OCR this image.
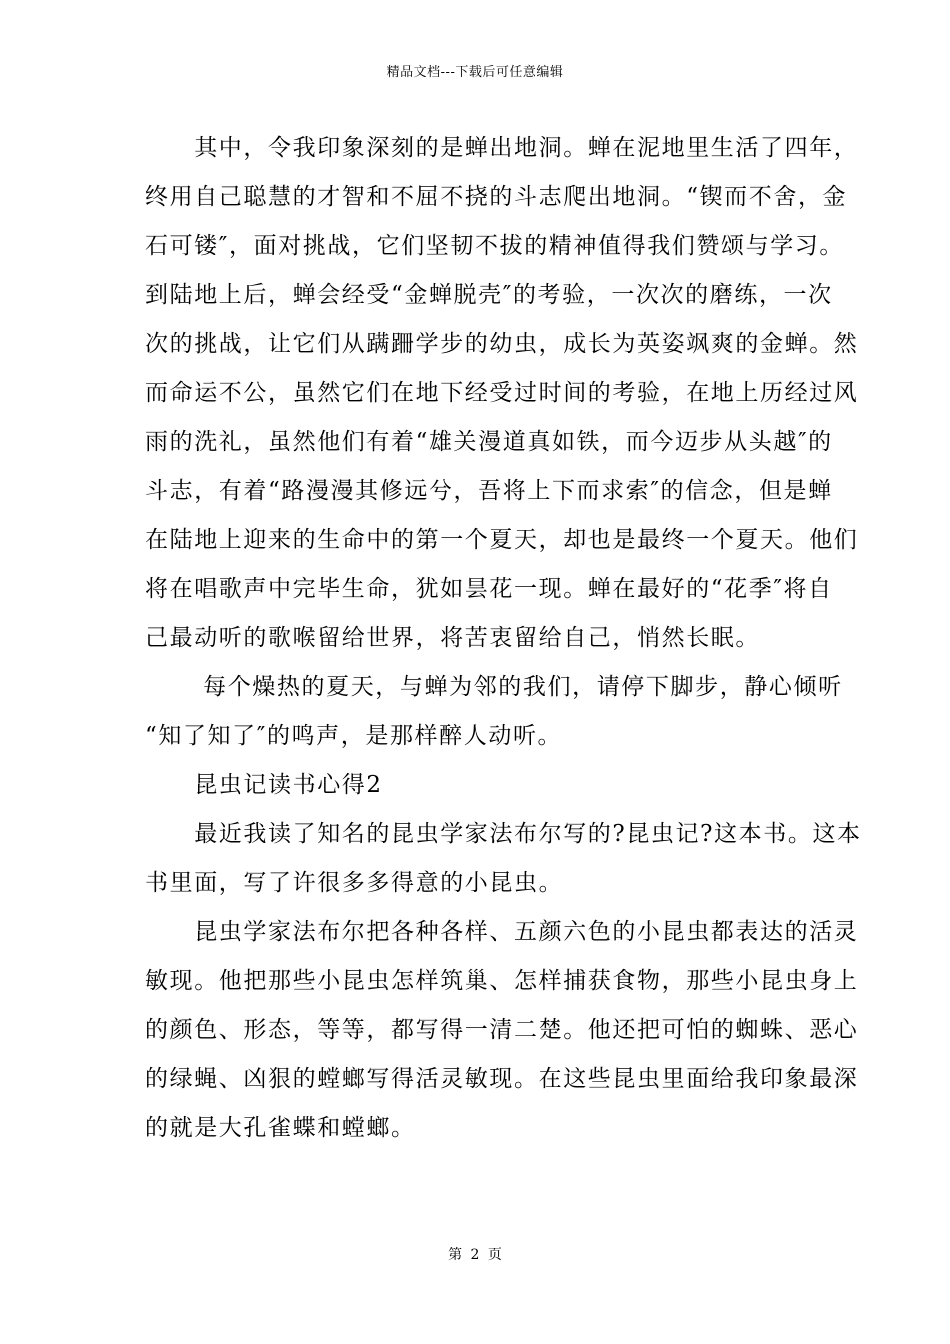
精品文档---下载后可任意编辑
　　其中，令我印象深刻的是蝉出地洞。蝉在泥地里生活了四年，
终用自己聪慧的才智和不屈不挠的斗志爬出地洞。“锲而不舍，金
石可镂″，面对挑战，它们坚韧不拔的精神值得我们赞颂与学习。
到陆地上后，蝉会经受“金蝉脱壳″的考验，一次次的磨练，一次
次的挑战，让它们从蹒跚学步的幼虫，成长为英姿飒爽的金蝉。然
而命运不公，虽然它们在地下经受过时间的考验，在地上历经过风
雨的洗礼，虽然他们有着“雄关漫道真如铁，而今迈步从头越″的
斗志，有着“路漫漫其修远兮，吾将上下而求索″的信念，但是蝉
在陆地上迎来的生命中的第一个夏天，却也是最终一个夏天。他们
将在唱歌声中完毕生命，犹如昙花一现。蝉在最好的“花季″将自
己最动听的歌喉留给世界，将苦衷留给自己，悄然长眠。
　　 每个燥热的夏天，与蝉为邻的我们，请停下脚步，静心倾听
“知了知了″的鸣声，是那样醉人动听。
　　昆虫记读书心得2
　　最近我读了知名的昆虫学家法布尔写的?昆虫记?这本书。这本
书里面，写了许很多多得意的小昆虫。
　　昆虫学家法布尔把各种各样、五颜六色的小昆虫都表达的活灵
敏现。他把那些小昆虫怎样筑巢、怎样捕获食物，那些小昆虫身上
的颜色、形态，等等，都写得一清二楚。他还把可怕的蜘蛛、恶心
的绿蝇、凶狠的螳螂写得活灵敏现。在这些昆虫里面给我印象最深
的就是大孔雀蝶和螳螂。
第 2 页
